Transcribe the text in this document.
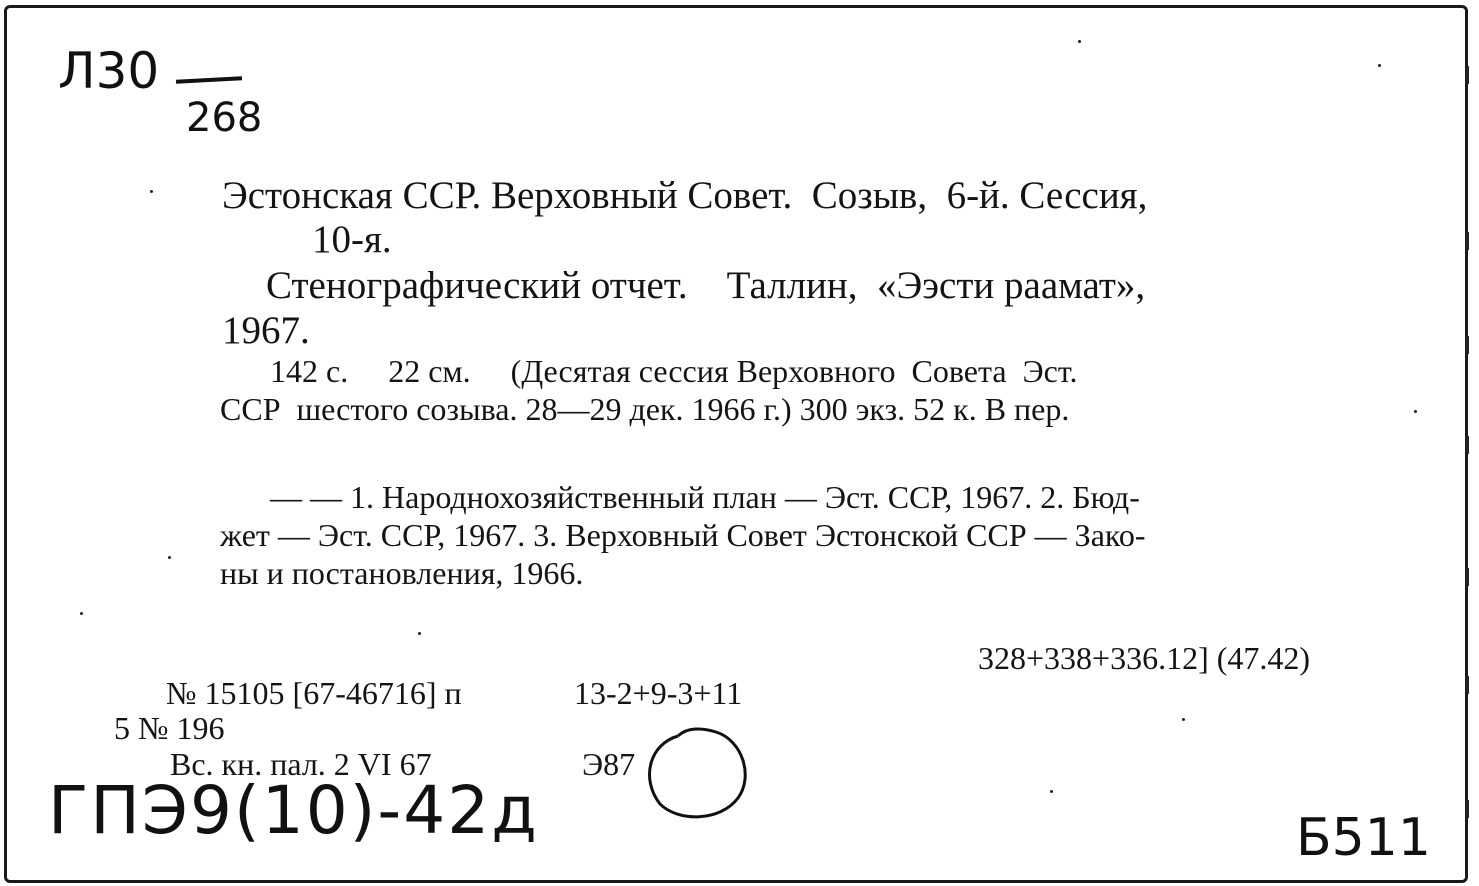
Л30
268
Эстонская ССР. Верховный Совет.  Созыв,  6-й. Сессия,
10-я.
Стенографический отчет.    Таллин,  «Ээсти раамат»,
1967.
142 с.     22 см.     (Десятая сессия Верховного  Совета  Эст.
ССР  шестого созыва. 28—29 дек. 1966 г.) 300 экз. 52 к. В пер.
— — 1. Народнохозяйственный план — Эст. ССР, 1967. 2. Бюд-
жет — Эст. ССР, 1967. 3. Верховный Совет Эстонской ССР — Зако-
ны и постановления, 1966.
328+338+336.12] (47.42)
№ 15105 [67-46716] п	13-2+9-3+11
5 № 196
Вс. кн. пал. 2 VI 67	Э87
ГПЭ9(10)-42д	Б511
